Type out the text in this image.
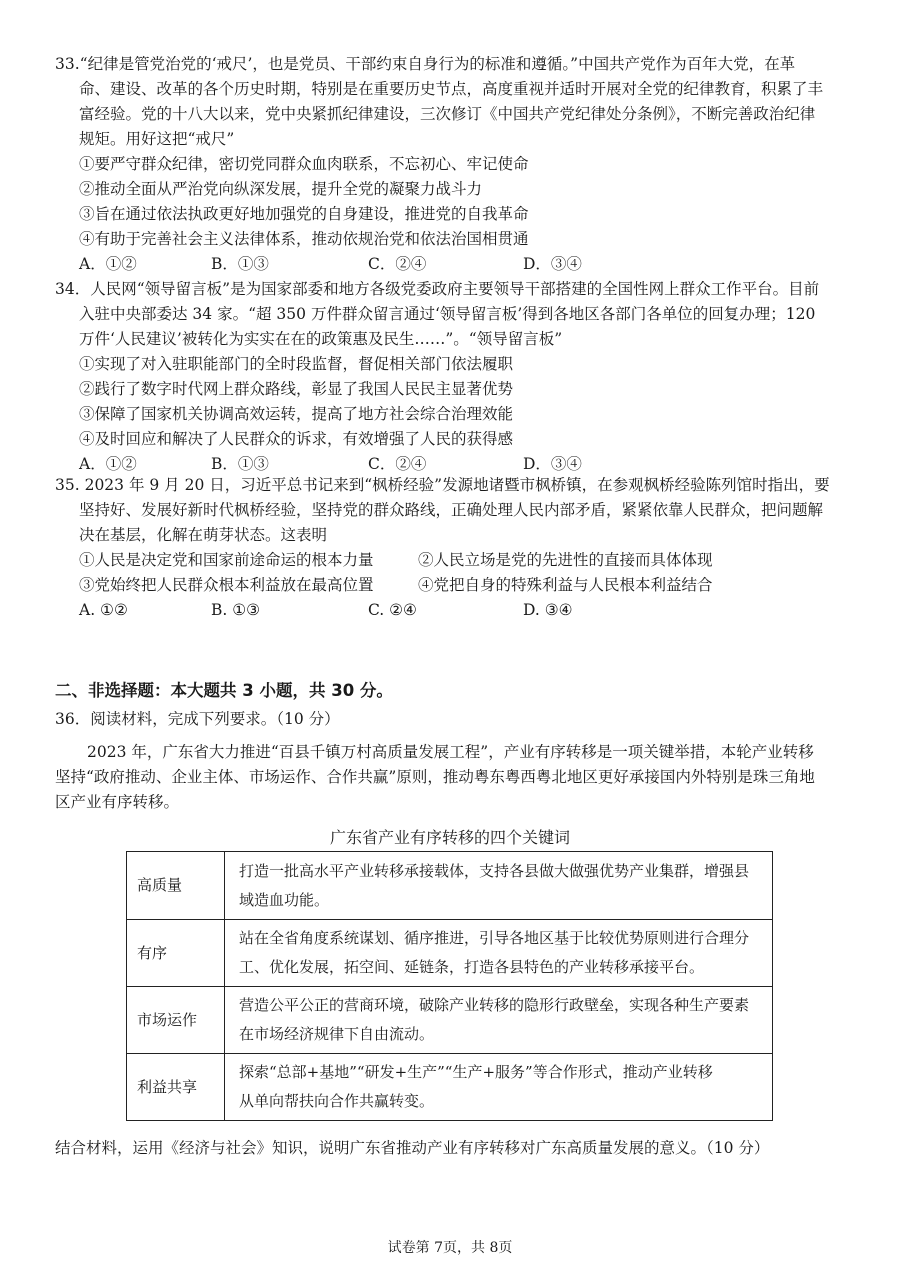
33.“纪律是管党治党的‘戒尺’，也是党员、干部约束自身行为的标准和遵循。”中国共产党作为百年大党，在革
命、建设、改革的各个历史时期，特别是在重要历史节点，高度重视并适时开展对全党的纪律教育，积累了丰
富经验。党的十八大以来，党中央紧抓纪律建设，三次修订《中国共产党纪律处分条例》，不断完善政治纪律
规矩。用好这把“戒尺”
①要严守群众纪律，密切党同群众血肉联系，不忘初心、牢记使命
②推动全面从严治党向纵深发展，提升全党的凝聚力战斗力
③旨在通过依法执政更好地加强党的自身建设，推进党的自我革命
④有助于完善社会主义法律体系，推动依规治党和依法治国相贯通
A．①②	B．①③	C．②④	D．③④
34．人民网“领导留言板”是为国家部委和地方各级党委政府主要领导干部搭建的全国性网上群众工作平台。目前
入驻中央部委达 34 家。“超 350 万件群众留言通过‘领导留言板’得到各地区各部门各单位的回复办理；120
万件‘人民建议’被转化为实实在在的政策惠及民生……”。“领导留言板”
①实现了对入驻职能部门的全时段监督，督促相关部门依法履职
②践行了数字时代网上群众路线，彰显了我国人民民主显著优势
③保障了国家机关协调高效运转，提高了地方社会综合治理效能
④及时回应和解决了人民群众的诉求，有效增强了人民的获得感
A．①②	B．①③	C．②④	D．③④
35. 2023 年 9 月 20 日，习近平总书记来到“枫桥经验”发源地诸暨市枫桥镇，在参观枫桥经验陈列馆时指出，要
坚持好、发展好新时代枫桥经验，坚持党的群众路线，正确处理人民内部矛盾，紧紧依靠人民群众，把问题解
决在基层，化解在萌芽状态。这表明
①人民是决定党和国家前途命运的根本力量	②人民立场是党的先进性的直接而具体体现
③党始终把人民群众根本利益放在最高位置	④党把自身的特殊利益与人民根本利益结合
A. ①②	B. ①③	C. ②④	D. ③④
二、非选择题：本大题共 3 小题，共 30 分。
36．阅读材料，完成下列要求。（10 分）
2023 年，广东省大力推进“百县千镇万村高质量发展工程”，产业有序转移是一项关键举措，本轮产业转移
坚持“政府推动、企业主体、市场运作、合作共赢”原则，推动粤东粤西粤北地区更好承接国内外特别是珠三角地
区产业有序转移。
广东省产业有序转移的四个关键词
高质量	打造一批高水平产业转移承接载体，支持各县做大做强优势产业集群，增强县
域造血功能。

有序	站在全省角度系统谋划、循序推进，引导各地区基于比较优势原则进行合理分
工、优化发展，拓空间、延链条，打造各县特色的产业转移承接平台。

市场运作	营造公平公正的营商环境，破除产业转移的隐形行政壁垒，实现各种生产要素
在市场经济规律下自由流动。

利益共享	探索“总部+基地”“研发+生产”“生产+服务”等合作形式，推动产业转移
从单向帮扶向合作共赢转变。
结合材料，运用《经济与社会》知识，说明广东省推动产业有序转移对广东高质量发展的意义。（10 分）
试卷第 7页，共 8页
